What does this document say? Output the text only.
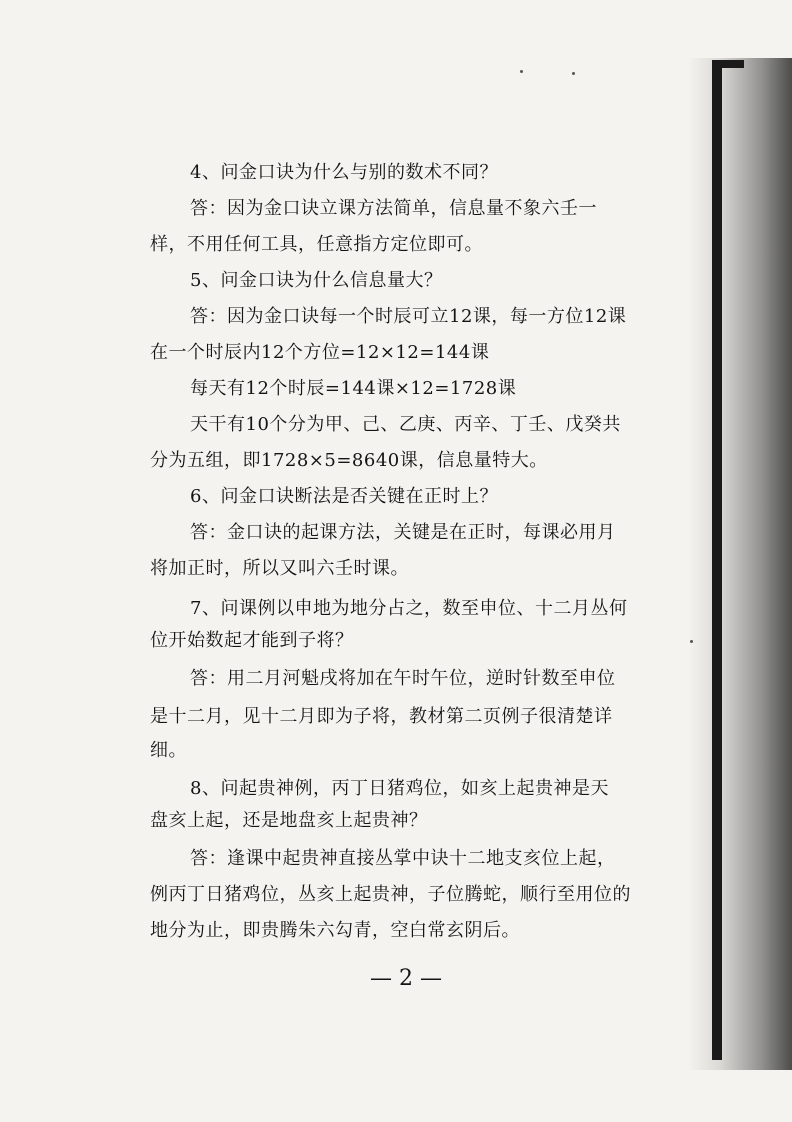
4、问金口诀为什么与别的数术不同？

答：因为金口诀立课方法简单，信息量不象六壬一

样，不用任何工具，任意指方定位即可。

5、问金口诀为什么信息量大？

答：因为金口诀每一个时辰可立12课，每一方位12课

在一个时辰内12个方位=12×12=144课

每天有12个时辰=144课×12=1728课

天干有10个分为甲、己、乙庚、丙辛、丁壬、戊癸共

分为五组，即1728×5=8640课，信息量特大。

6、问金口诀断法是否关键在正时上？

答：金口诀的起课方法，关键是在正时，每课必用月

将加正时，所以又叫六壬时课。

7、问课例以申地为地分占之，数至申位、十二月丛何

位开始数起才能到子将？

答：用二月河魁戌将加在午时午位，逆时针数至申位

是十二月，见十二月即为子将，教材第二页例子很清楚详

细。

8、问起贵神例，丙丁日猪鸡位，如亥上起贵神是天

盘亥上起，还是地盘亥上起贵神？

答：逢课中起贵神直接丛掌中诀十二地支亥位上起，

例丙丁日猪鸡位，丛亥上起贵神，子位腾蛇，顺行至用位的

地分为止，即贵腾朱六勾青，空白常玄阴后。

— 2 —
